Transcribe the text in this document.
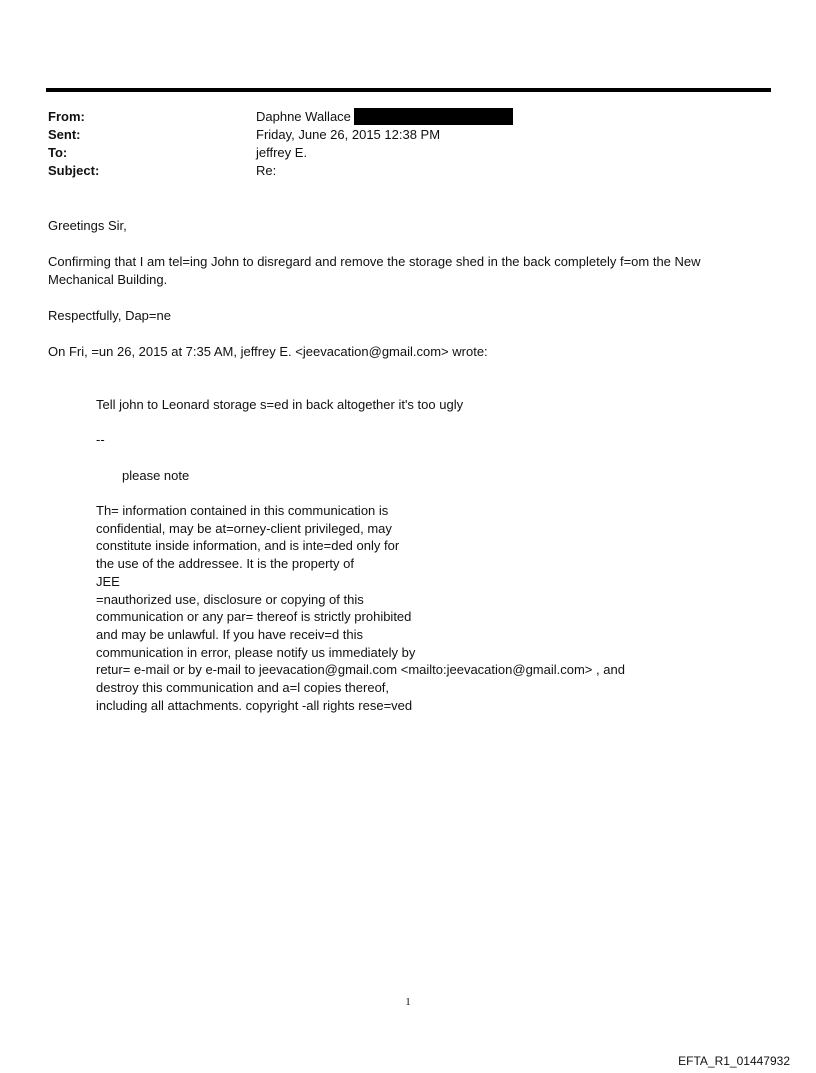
From:	Daphne Wallace
Sent:	Friday, June 26, 2015 12:38 PM
To:	jeffrey E.
Subject:	Re:
Greetings Sir,
Confirming that I am tel=ing John to disregard and remove the storage shed in the back completely f=om the New
Mechanical Building.
Respectfully, Dap=ne
On Fri, =un 26, 2015 at 7:35 AM, jeffrey E. <jeevacation@gmail.com> wrote:
Tell john to Leonard storage s=ed in back altogether it's too ugly
--
please note
Th= information contained in this communication is
confidential, may be at=orney-client privileged, may
constitute inside information, and is inte=ded only for
the use of the addressee. It is the property of
JEE
=nauthorized use, disclosure or copying of this
communication or any par= thereof is strictly prohibited
and may be unlawful. If you have receiv=d this
communication in error, please notify us immediately by
retur= e-mail or by e-mail to jeevacation@gmail.com <mailto:jeevacation@gmail.com> , and
destroy this communication and a=l copies thereof,
including all attachments. copyright -all rights rese=ved
1
EFTA_R1_01447932
